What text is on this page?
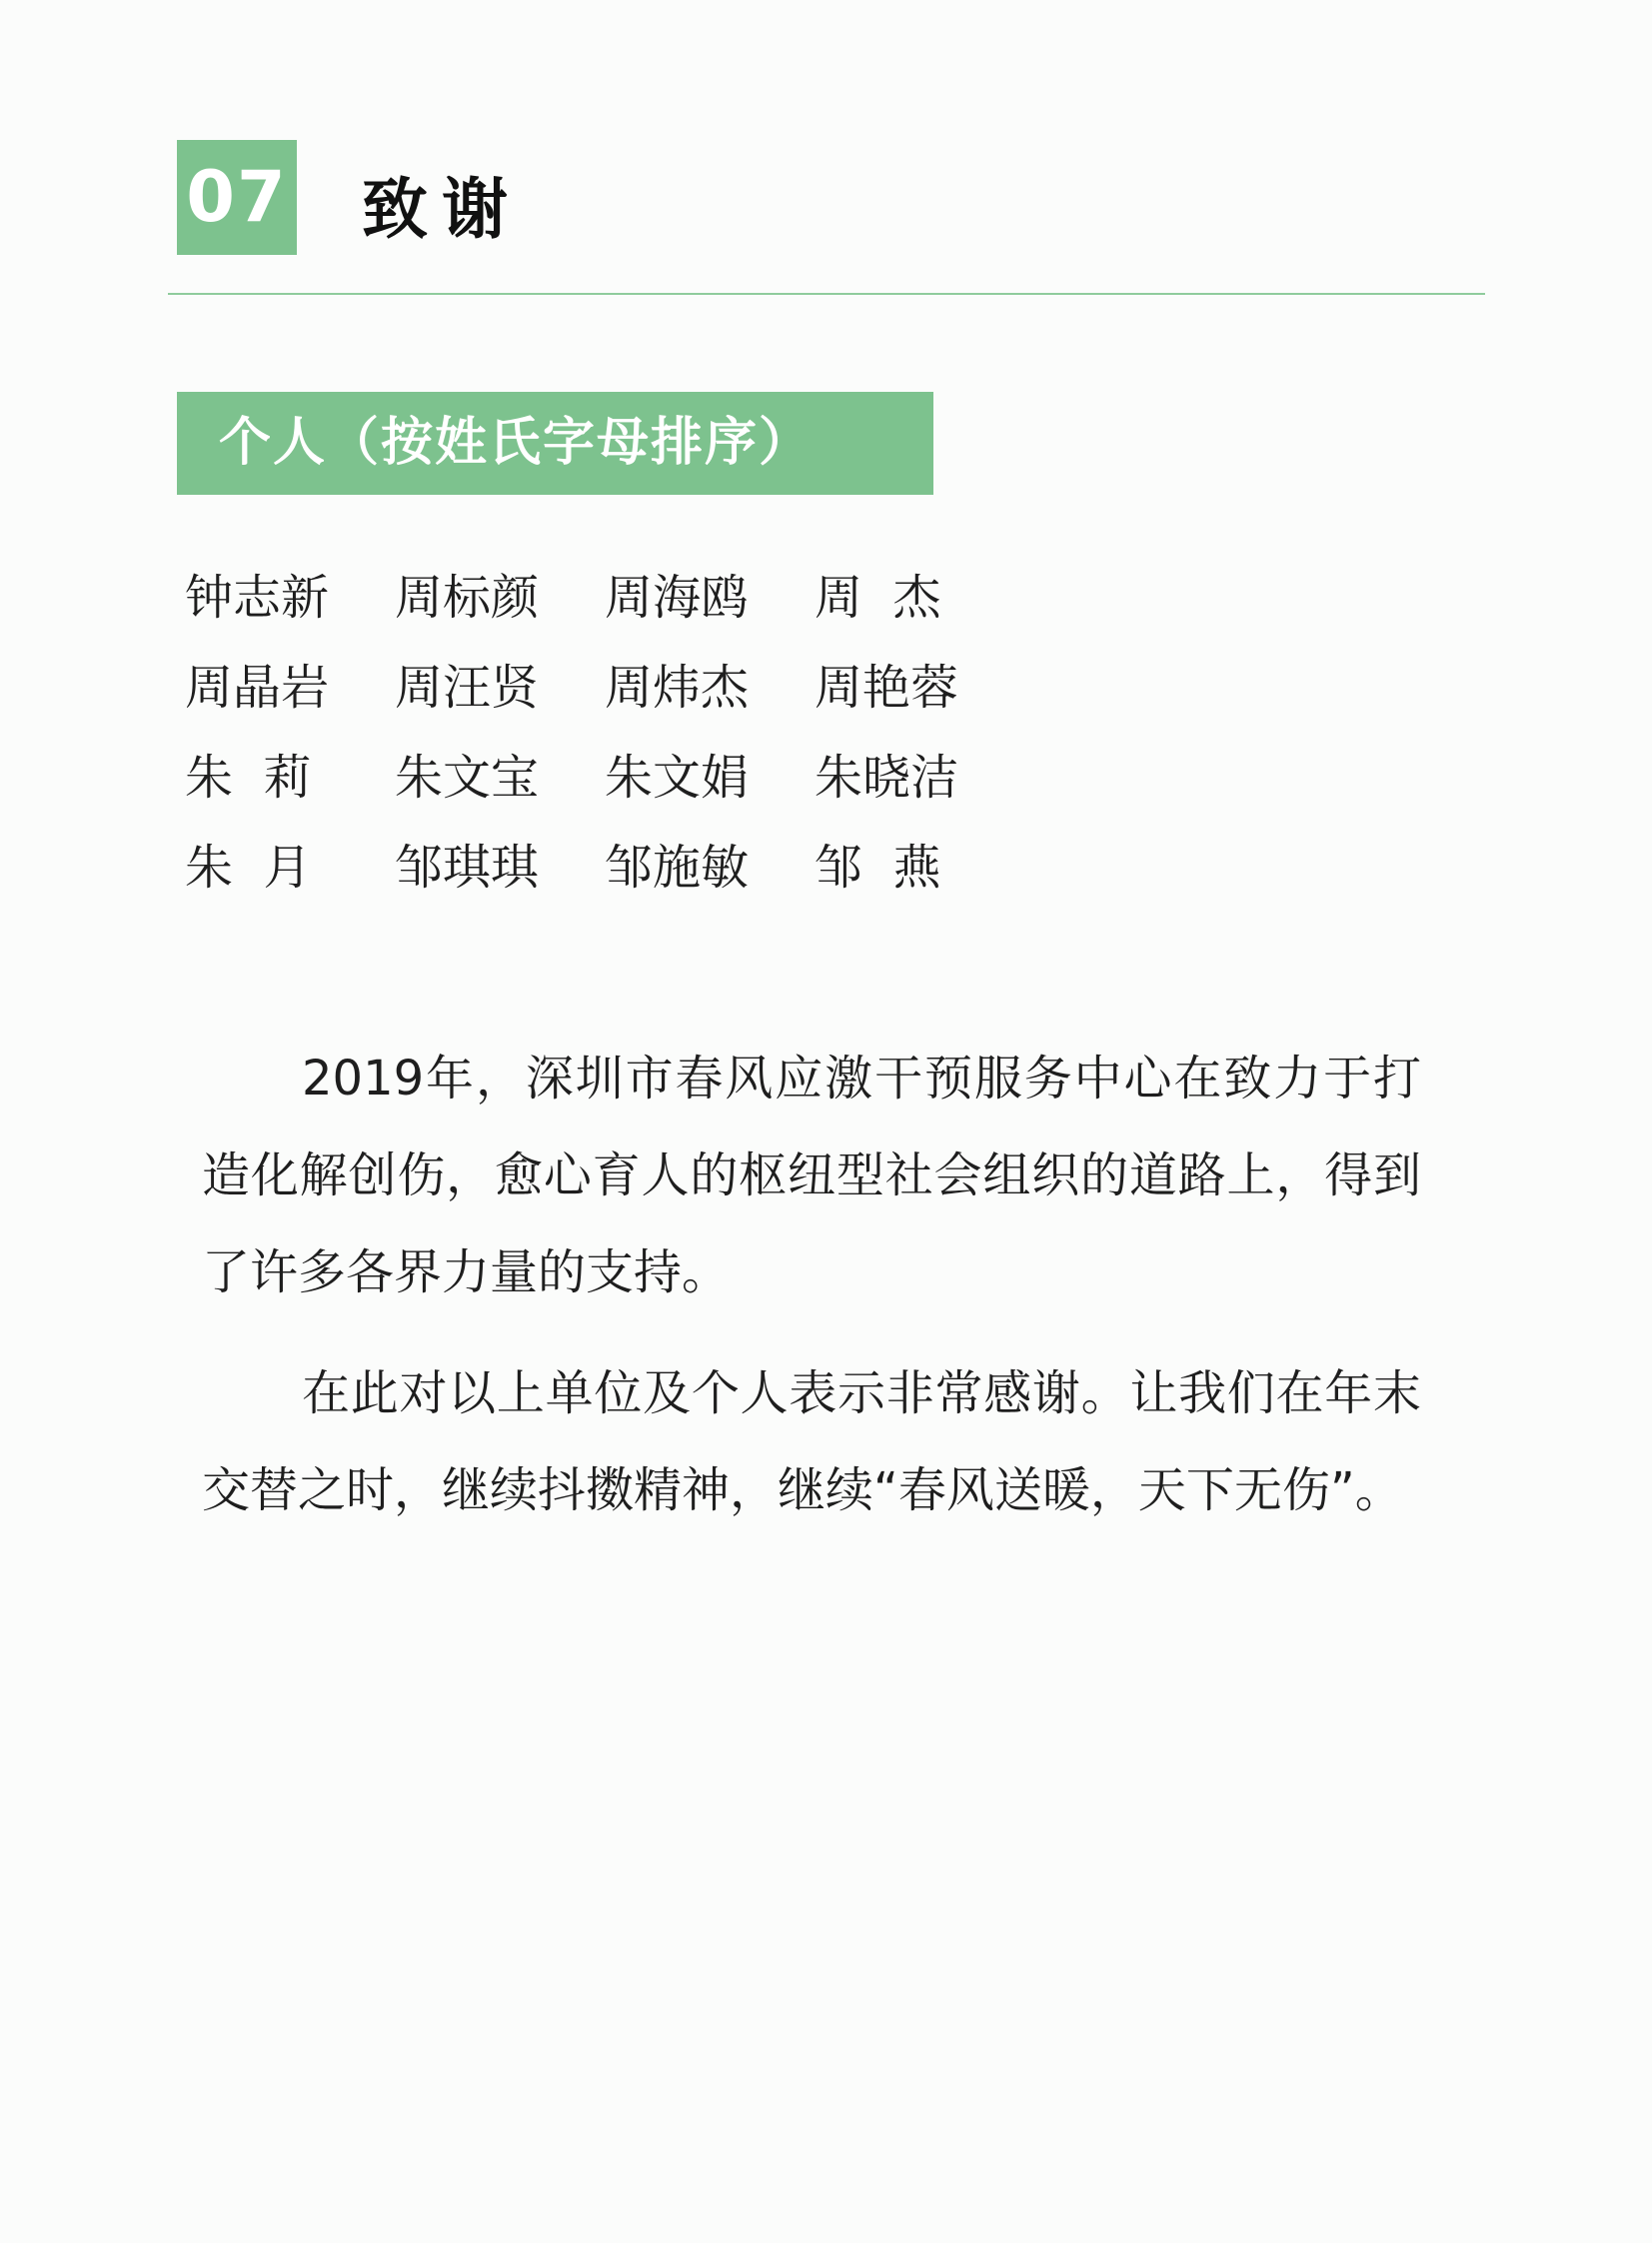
07 致谢
个人（按姓氏字母排序）
钟志新	周标颜	周海鸥	周  杰
周晶岩	周汪贤	周炜杰	周艳蓉
朱  莉	朱文宝	朱文娟	朱晓洁
朱  月	邹琪琪	邹施敏	邹  燕

2019年，深圳市春风应激干预服务中心在致力于打造化解创伤，愈心育人的枢纽型社会组织的道路上，得到了许多各界力量的支持。

在此对以上单位及个人表示非常感谢。让我们在年末交替之时，继续抖擞精神，继续“春风送暖，天下无伤”。
